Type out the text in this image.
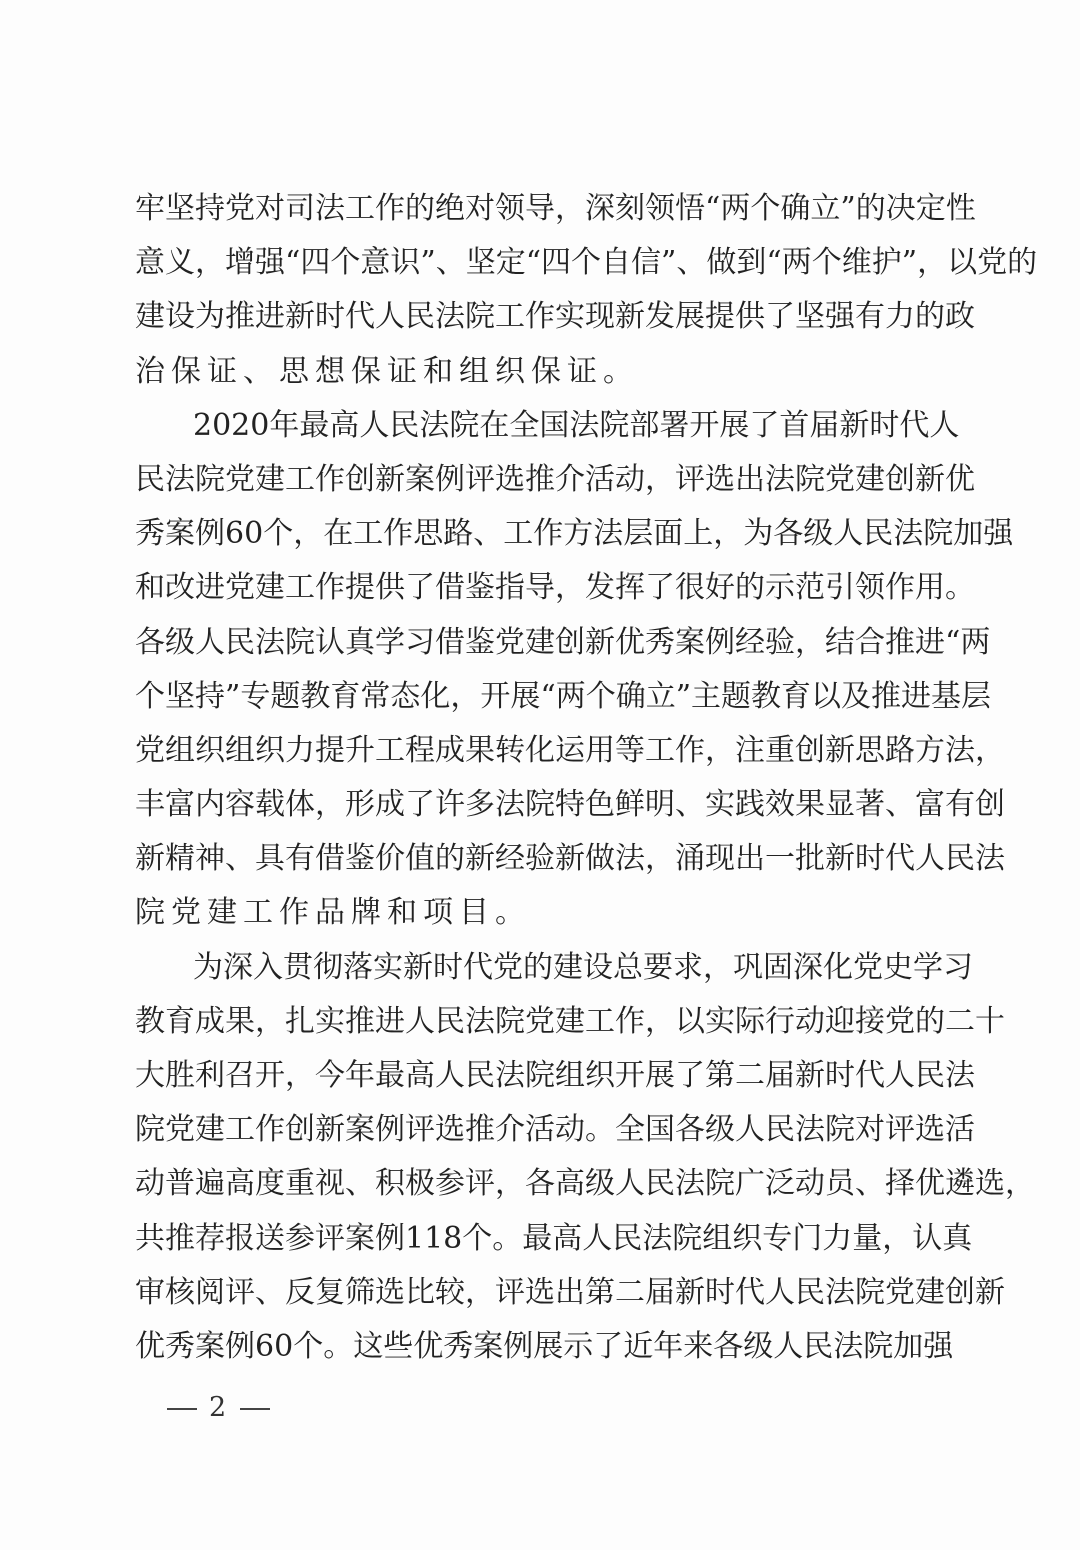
牢 坚 持 党 对 司 法 工 作 的 绝 对 领 导 ， 深 刻 领 悟 “ 两 个 确 立 ” 的 决 定 性
意 义 ， 增 强 “ 四 个 意 识 ” 、 坚 定 “ 四 个 自 信 ” 、 做 到 “ 两 个 维 护 ” ， 以 党 的
建 设 为 推 进 新 时 代 人 民 法 院 工 作 实 现 新 发 展 提 供 了 坚 强 有 力 的 政
治保证、思想保证和组织保证。
2020 年 最 高 人 民 法 院 在 全 国 法 院 部 署 开 展 了 首 届 新 时 代 人
民 法 院 党 建 工 作 创 新 案 例 评 选 推 介 活 动 ， 评 选 出 法 院 党 建 创 新 优
秀 案 例 60 个 ， 在 工 作 思 路 、 工 作 方 法 层 面 上 ， 为 各 级 人 民 法 院 加 强
和 改 进 党 建 工 作 提 供 了 借 鉴 指 导 ， 发 挥 了 很 好 的 示 范 引 领 作 用 。
各 级 人 民 法 院 认 真 学 习 借 鉴 党 建 创 新 优 秀 案 例 经 验 ， 结 合 推 进 “ 两
个 坚 持 ” 专 题 教 育 常 态 化 ， 开 展 “ 两 个 确 立 ” 主 题 教 育 以 及 推 进 基 层
党 组 织 组 织 力 提 升 工 程 成 果 转 化 运 用 等 工 作 ， 注 重 创 新 思 路 方 法 ，
丰 富 内 容 载 体 ， 形 成 了 许 多 法 院 特 色 鲜 明 、 实 践 效 果 显 著 、 富 有 创
新 精 神 、 具 有 借 鉴 价 值 的 新 经 验 新 做 法 ， 涌 现 出 一 批 新 时 代 人 民 法
院党建工作品牌和项目。
为 深 入 贯 彻 落 实 新 时 代 党 的 建 设 总 要 求 ， 巩 固 深 化 党 史 学 习
教 育 成 果 ， 扎 实 推 进 人 民 法 院 党 建 工 作 ， 以 实 际 行 动 迎 接 党 的 二 十
大 胜 利 召 开 ， 今 年 最 高 人 民 法 院 组 织 开 展 了 第 二 届 新 时 代 人 民 法
院 党 建 工 作 创 新 案 例 评 选 推 介 活 动 。 全 国 各 级 人 民 法 院 对 评 选 活
动 普 遍 高 度 重 视 、 积 极 参 评 ， 各 高 级 人 民 法 院 广 泛 动 员 、 择 优 遴 选 ，
共 推 荐 报 送 参 评 案 例 118 个 。 最 高 人 民 法 院 组 织 专 门 力 量 ， 认 真
审 核 阅 评 、 反 复 筛 选 比 较 ， 评 选 出 第 二 届 新 时 代 人 民 法 院 党 建 创 新
优 秀 案 例 60 个 。 这 些 优 秀 案 例 展 示 了 近 年 来 各 级 人 民 法 院 加 强
2
